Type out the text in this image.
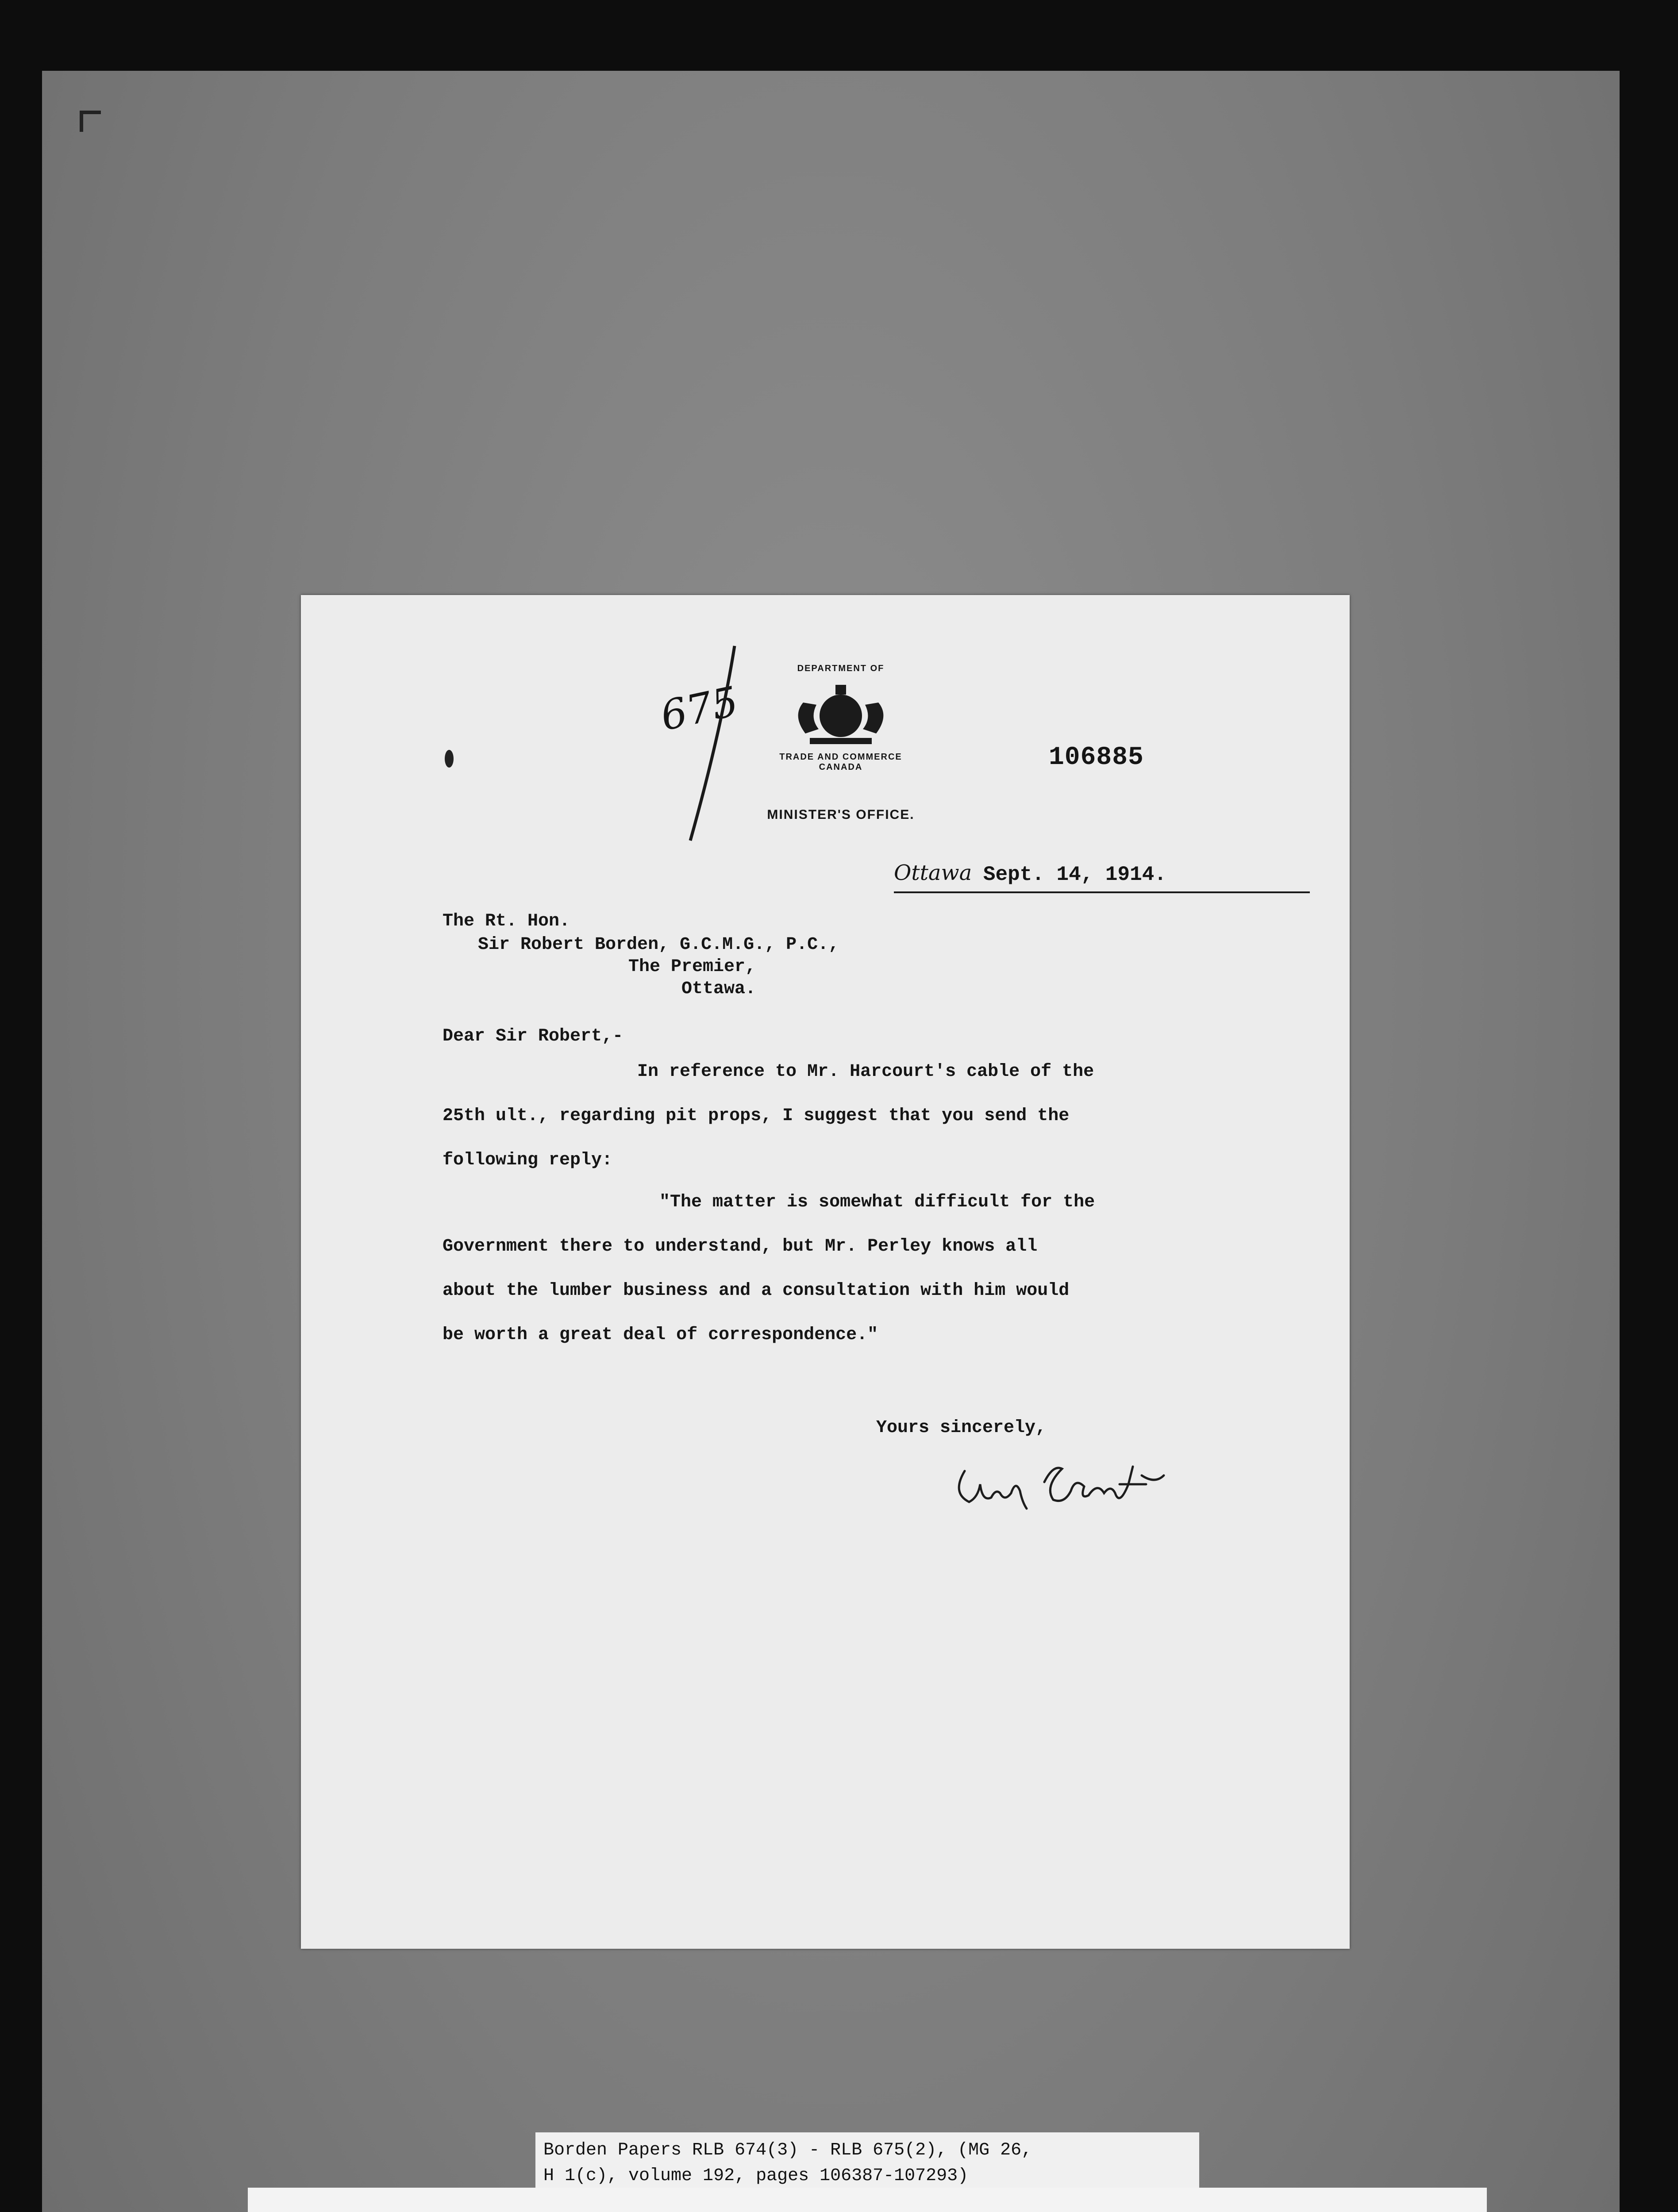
DEPARTMENT OF
TRADE AND COMMERCE
CANADA
MINISTER'S OFFICE.
675
106885
Ottawa Sept. 14, 1914.
The Rt. Hon.
Sir Robert Borden, G.C.M.G., P.C.,
The Premier,
Ottawa.
Dear Sir Robert,-
In reference to Mr. Harcourt's cable of the
25th ult., regarding pit props, I suggest that you send the
following reply:
"The matter is somewhat difficult for the
Government there to understand, but Mr. Perley knows all
about the lumber business and a consultation with him would
be worth a great deal of correspondence."
Yours sincerely,
Borden Papers RLB 674(3) - RLB 675(2), (MG 26,
H 1(c), volume 192, pages 106387-107293)
